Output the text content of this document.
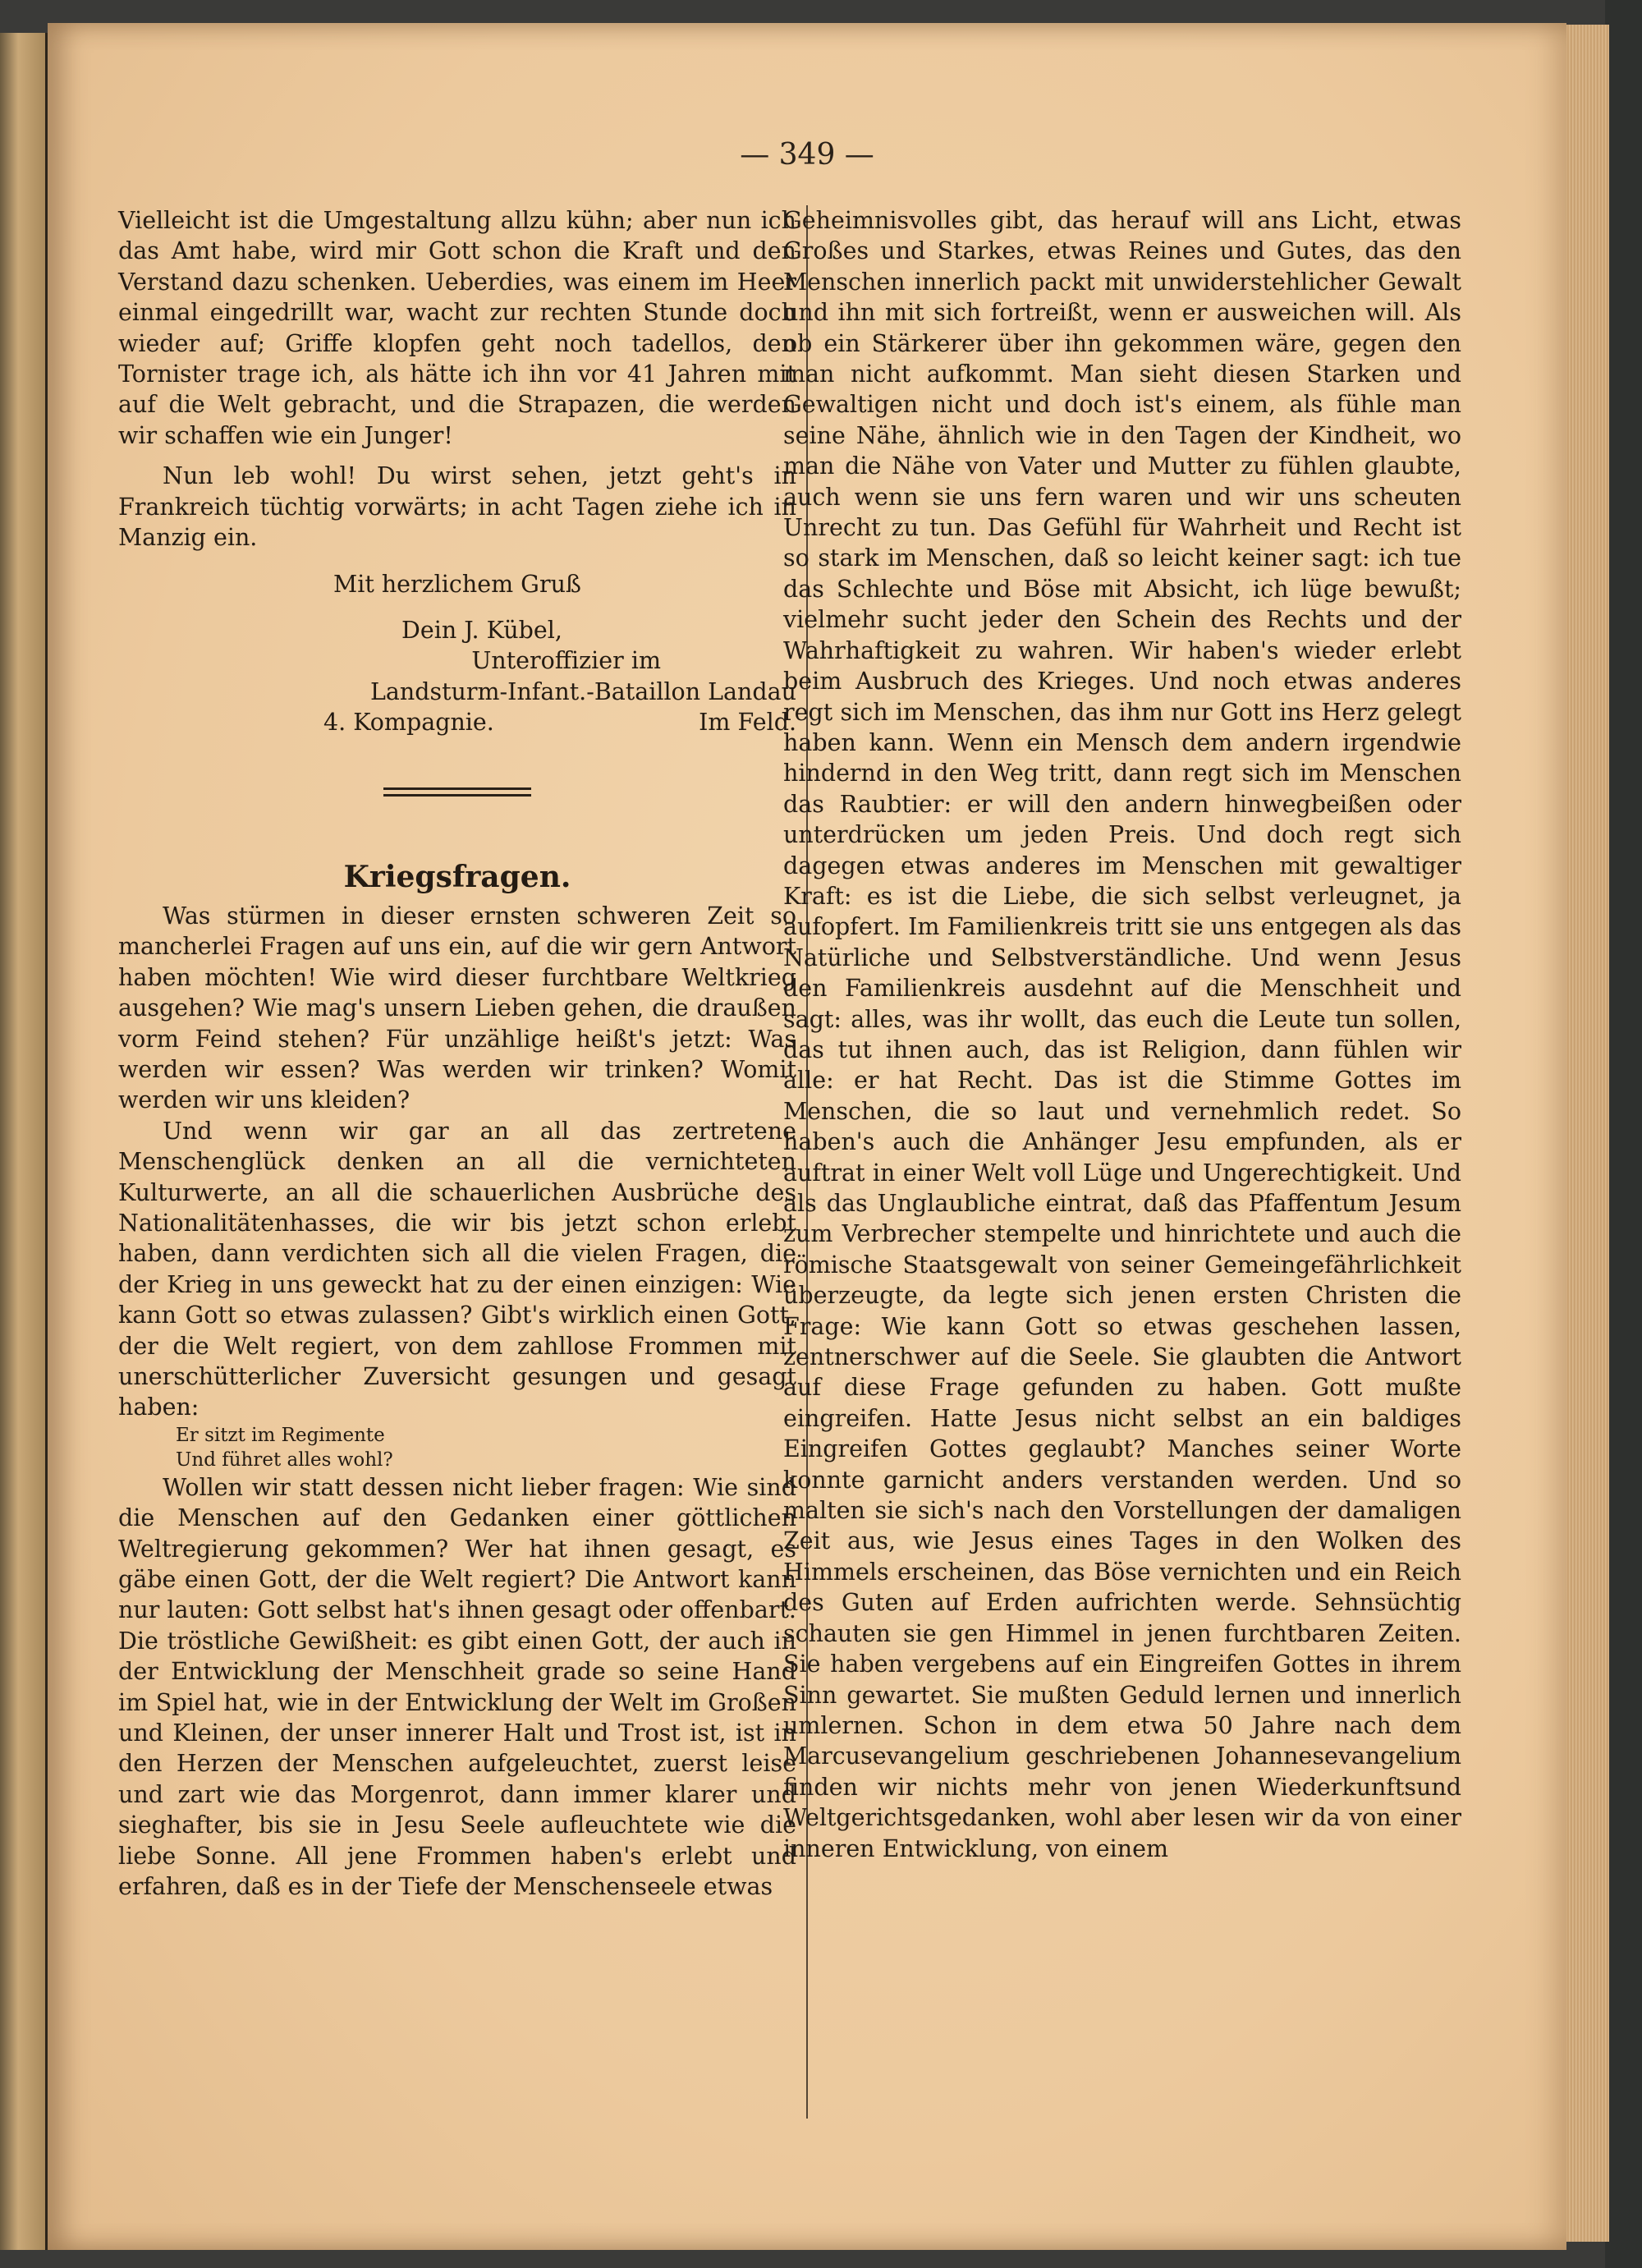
— 349 —

Vielleicht ist die Umgestaltung allzu kühn; aber nun ich das Amt habe, wird mir Gott schon die Kraft und den Verstand dazu schenken. Ueberdies, was einem im Heer einmal eingedrillt war, wacht zur rechten Stunde doch wieder auf; Griffe klopfen geht noch tadellos, den Tornister trage ich, als hätte ich ihn vor 41 Jahren mit auf die Welt gebracht, und die Strapazen, die werden wir schaffen wie ein Junger!

Nun leb wohl! Du wirst sehen, jetzt geht's in Frankreich tüchtig vorwärts; in acht Tagen ziehe ich in Manzig ein.

Mit herzlichem Gruß

Dein J. Kübel,

Unteroffizier im

Landsturm-Infant.-Bataillon Landau

4. Kompagnie.	Im Feld.

Kriegsfragen.

Was stürmen in dieser ernsten schweren Zeit so mancherlei Fragen auf uns ein, auf die wir gern Antwort haben möchten! Wie wird dieser furchtbare Weltkrieg ausgehen? Wie mag's unsern Lieben gehen, die draußen vorm Feind stehen? Für unzählige heißt's jetzt: Was werden wir essen? Was werden wir trinken? Womit werden wir uns kleiden?

Und wenn wir gar an all das zertretene Menschenglück denken an all die vernichteten Kulturwerte, an all die schauerlichen Ausbrüche des Nationalitätenhasses, die wir bis jetzt schon erlebt haben, dann verdichten sich all die vielen Fragen, die der Krieg in uns geweckt hat zu der einen einzigen: Wie kann Gott so etwas zulassen? Gibt's wirklich einen Gott, der die Welt regiert, von dem zahllose Frommen mit unerschütterlicher Zuversicht gesungen und gesagt haben:

Er sitzt im Regimente

Und führet alles wohl?

Wollen wir statt dessen nicht lieber fragen: Wie sind die Menschen auf den Gedanken einer göttlichen Weltregierung gekommen? Wer hat ihnen gesagt, es gäbe einen Gott, der die Welt regiert? Die Antwort kann nur lauten: Gott selbst hat's ihnen gesagt oder offenbart. Die tröstliche Gewißheit: es gibt einen Gott, der auch in der Entwicklung der Menschheit grade so seine Hand im Spiel hat, wie in der Entwicklung der Welt im Großen und Kleinen, der unser innerer Halt und Trost ist, ist in den Herzen der Menschen aufgeleuchtet, zuerst leise und zart wie das Morgenrot, dann immer klarer und sieghafter, bis sie in Jesu Seele aufleuchtete wie die liebe Sonne. All jene Frommen haben's erlebt und erfahren, daß es in der Tiefe der Menschenseele etwas

Geheimnisvolles gibt, das herauf will ans Licht, etwas Großes und Starkes, etwas Reines und Gutes, das den Menschen innerlich packt mit unwiderstehlicher Gewalt und ihn mit sich fortreißt, wenn er ausweichen will. Als ob ein Stärkerer über ihn gekommen wäre, gegen den man nicht aufkommt. Man sieht diesen Starken und Gewaltigen nicht und doch ist's einem, als fühle man seine Nähe, ähnlich wie in den Tagen der Kindheit, wo man die Nähe von Vater und Mutter zu fühlen glaubte, auch wenn sie uns fern waren und wir uns scheuten Unrecht zu tun. Das Gefühl für Wahrheit und Recht ist so stark im Menschen, daß so leicht keiner sagt: ich tue das Schlechte und Böse mit Absicht, ich lüge bewußt; vielmehr sucht jeder den Schein des Rechts und der Wahrhaftigkeit zu wahren. Wir haben's wieder erlebt beim Ausbruch des Krieges. Und noch etwas anderes regt sich im Menschen, das ihm nur Gott ins Herz gelegt haben kann. Wenn ein Mensch dem andern irgendwie hindernd in den Weg tritt, dann regt sich im Menschen das Raubtier: er will den andern hinwegbeißen oder unterdrücken um jeden Preis. Und doch regt sich dagegen etwas anderes im Menschen mit gewaltiger Kraft: es ist die Liebe, die sich selbst verleugnet, ja aufopfert. Im Familienkreis tritt sie uns entgegen als das Natürliche und Selbstverständliche. Und wenn Jesus den Familienkreis ausdehnt auf die Menschheit und sagt: alles, was ihr wollt, das euch die Leute tun sollen, das tut ihnen auch, das ist Religion, dann fühlen wir alle: er hat Recht. Das ist die Stimme Gottes im Menschen, die so laut und vernehmlich redet. So haben's auch die Anhänger Jesu empfunden, als er auftrat in einer Welt voll Lüge und Ungerechtigkeit. Und als das Unglaubliche eintrat, daß das Pfaffentum Jesum zum Verbrecher stempelte und hinrichtete und auch die römische Staatsgewalt von seiner Gemeingefährlichkeit überzeugte, da legte sich jenen ersten Christen die Frage: Wie kann Gott so etwas geschehen lassen, zentnerschwer auf die Seele. Sie glaubten die Antwort auf diese Frage gefunden zu haben. Gott mußte eingreifen. Hatte Jesus nicht selbst an ein baldiges Eingreifen Gottes geglaubt? Manches seiner Worte konnte garnicht anders verstanden werden. Und so malten sie sich's nach den Vorstellungen der damaligen Zeit aus, wie Jesus eines Tages in den Wolken des Himmels erscheinen, das Böse vernichten und ein Reich des Guten auf Erden aufrichten werde. Sehnsüchtig schauten sie gen Himmel in jenen furchtbaren Zeiten. Sie haben vergebens auf ein Eingreifen Gottes in ihrem Sinn gewartet. Sie mußten Geduld lernen und innerlich umlernen. Schon in dem etwa 50 Jahre nach dem Marcusevangelium geschriebenen Johannesevangelium finden wir nichts mehr von jenen Wiederkunftsund Weltgerichtsgedanken, wohl aber lesen wir da von einer inneren Entwicklung, von einem
